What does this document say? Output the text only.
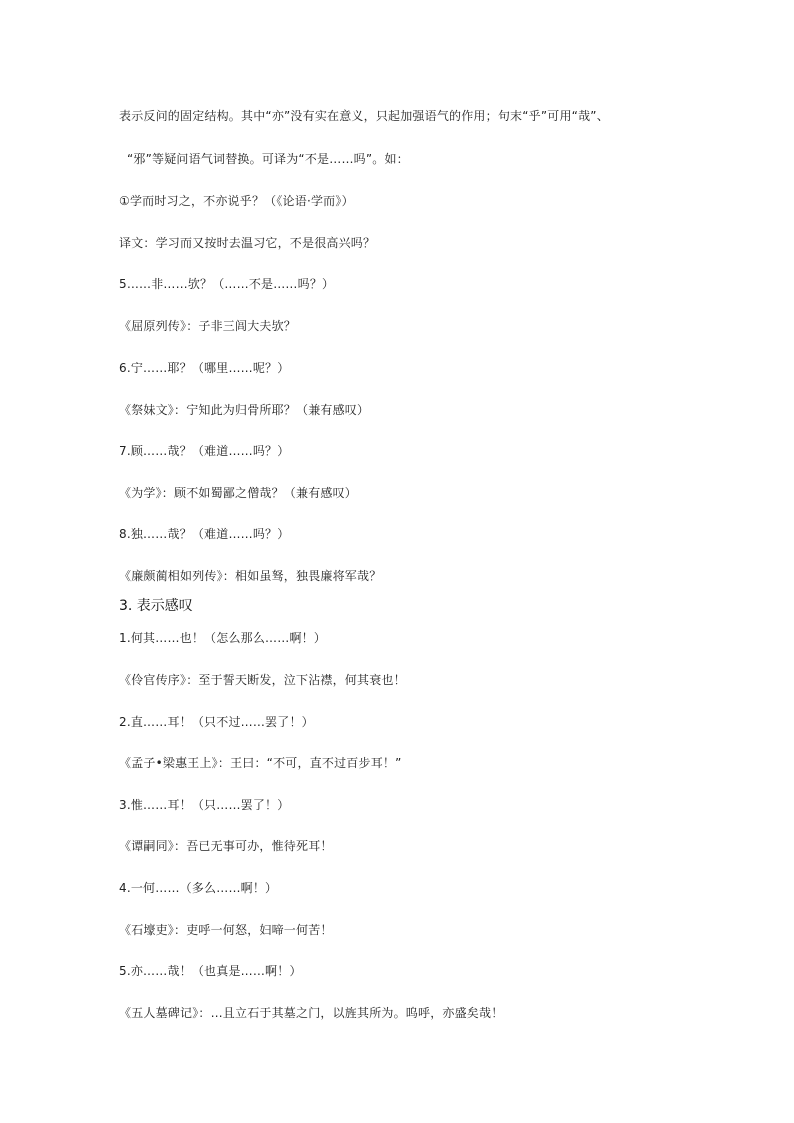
表示反问的固定结构。其中“亦”没有实在意义，只起加强语气的作用；句末“乎”可用“哉”、
“邪”等疑问语气词替换。可译为“不是……吗”。如：
①学而时习之，不亦说乎？（《论语·学而》）
译文：学习而又按时去温习它，不是很高兴吗？
5……非……欤？（……不是……吗？）
《屈原列传》：子非三闾大夫欤？
6.宁……耶？（哪里……呢？）
《祭妹文》：宁知此为归骨所耶？（兼有感叹）
7.顾……哉？（难道……吗？）
《为学》：顾不如蜀鄙之僧哉？（兼有感叹）
8.独……哉？（难道……吗？）
《廉颇蔺相如列传》：相如虽驽，独畏廉将军哉？
3. 表示感叹
1.何其……也！（怎么那么……啊！）
《伶官传序》：至于誓天断发，泣下沾襟，何其衰也！
2.直……耳！（只不过……罢了！）
《孟子•梁惠王上》：王曰：“不可，直不过百步耳！”
3.惟……耳！（只……罢了！）
《谭嗣同》：吾已无事可办，惟待死耳！
4.一何……（多么……啊！）
《石壕吏》：吏呼一何怒，妇啼一何苦！
5.亦……哉！（也真是……啊！）
《五人墓碑记》：…且立石于其墓之门，以旌其所为。呜呼，亦盛矣哉！
